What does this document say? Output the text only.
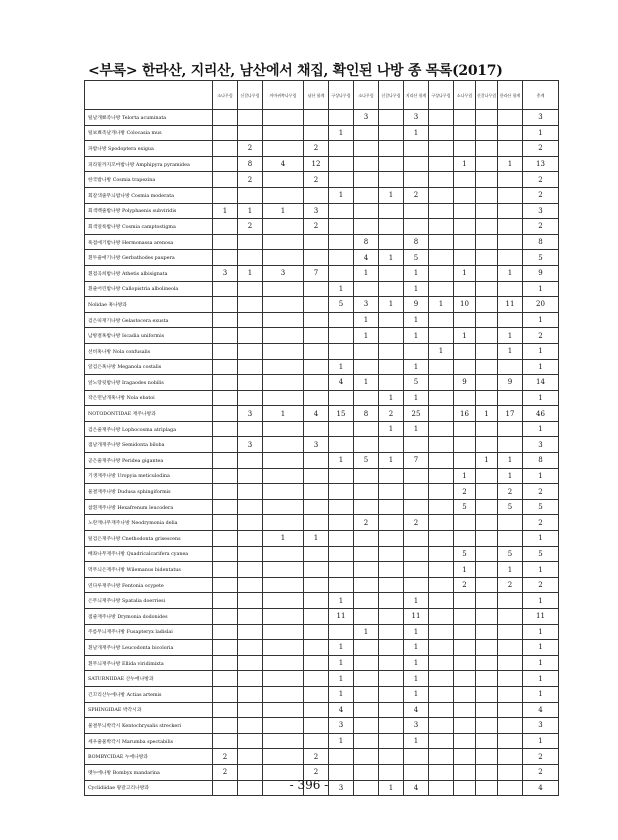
<부록> 한라산, 지리산, 남산에서 채집, 확인된 나방 종 목록(2017)
	소나무림	신갈나무림	까마귀쪽나무림	남산 합계	구상나무림	소나무림	신갈나무림	지리산 합계	구상나무림	소나무림	신갈나무림	한라산 합계	총계
털날개뾰족나방 Telorta acuminata						3		3					3
털보뾰족날개나방 Colocasia mus					1			1					1
파밤나방 Spodoptera exigua		2		2									2
피라밑까지꼬마밤나방 Amphipyra pyramidea		8	4	12						1		1	13
한국밤나방 Cosmia trapezina		2		2									2
회갈색줄무늬밤나방 Cosmia moderata					1		1	2					2
회색백줄밤나방 Polyphaenis subviridis	1	1	1	3									3
회색얼룩밤나방 Cosmia camptostigma		2		2									2
흑점애기밤나방 Hermonassa arenosa						8		8					8
흰두줄애기나방 Gerbathodes paupera						4	1	5					5
흰점곡희밤나방 Athetis albisignata	3	1	3	7		1		1		1		1	9
흰줄어린밤나방 Callopistria albolineola					1			1					1
Nolidae 혹나방과					5	3	1	9	1	10		11	20
검은띠재기나방 Gelastocera exusta						1		1					1
남방결혹밤나방 Iscadia uniformis						1		1		1		1	2
선비혹나방 Nola confusalis									1			1	1
알검은혹나방 Meganola costalis					1			1					1
앞노랑뒷밤나방 Iragaodes nobilis					4	1		5		9		9	14
작은먼날개혹나방 Nola ebatoi							1	1					1
NOTODONTIDAE 재주나방과		3	1	4	15	8	2	25		16	1	17	46
검은줄재주나방 Lophocosma atriplaga							1	1					1
점날개재주나방 Semidonta biloba		3		3									3
곧은줄재주나방 Peridea gigantea					1	5	1	7			1	1	8
기생재주나방 Uropyia meticulodina										1		1	1
물결재주나방 Dudusa sphingiformis										2		2	2
참흰재주나방 Hexafrenum leucodera										5		5	5
노란재나무재주나방 Neodrymonia delia						2		2					2
털검은재주나방 Cnethodonta grisescens			1	1									1
배좌나무재주나방 Quadricalcarifera cyanea										5		5	5
먹무늬은재주나방 Wilemanus bidentatus										1		1	1
연다루재주나방 Fentonia ocypete										2		2	2
은무늬재주나방 Spatalia doerriesi					1			1					1
점줄재주나방 Drymonia dodonides					11			11					11
주름무늬재주나방 Fusapteryx ladislai						1		1					1
흰날개재주나방 Leucodonta bicoloria					1			1					1
흰무늬재주나방 Ellida viridimixta					1			1					1
SATURNIIDAE 산누에나방과					1			1					1
긴꼬리산누에나방 Actias artemis					1			1					1
SPHINGIDAE 박각시과					4			4					4
물결무늬박각시 Kentochrysalis streckeri					3			3					3
세우줄물박각시 Marumba spectabilis					1			1					1
BOMBYCIDAE 누에나방과	2			2									2
멧누에나방 Bombyx mandarina	2			2									2
Cyclidiidae 왕갈고리나방과					3		1	4					4
- 396 -
